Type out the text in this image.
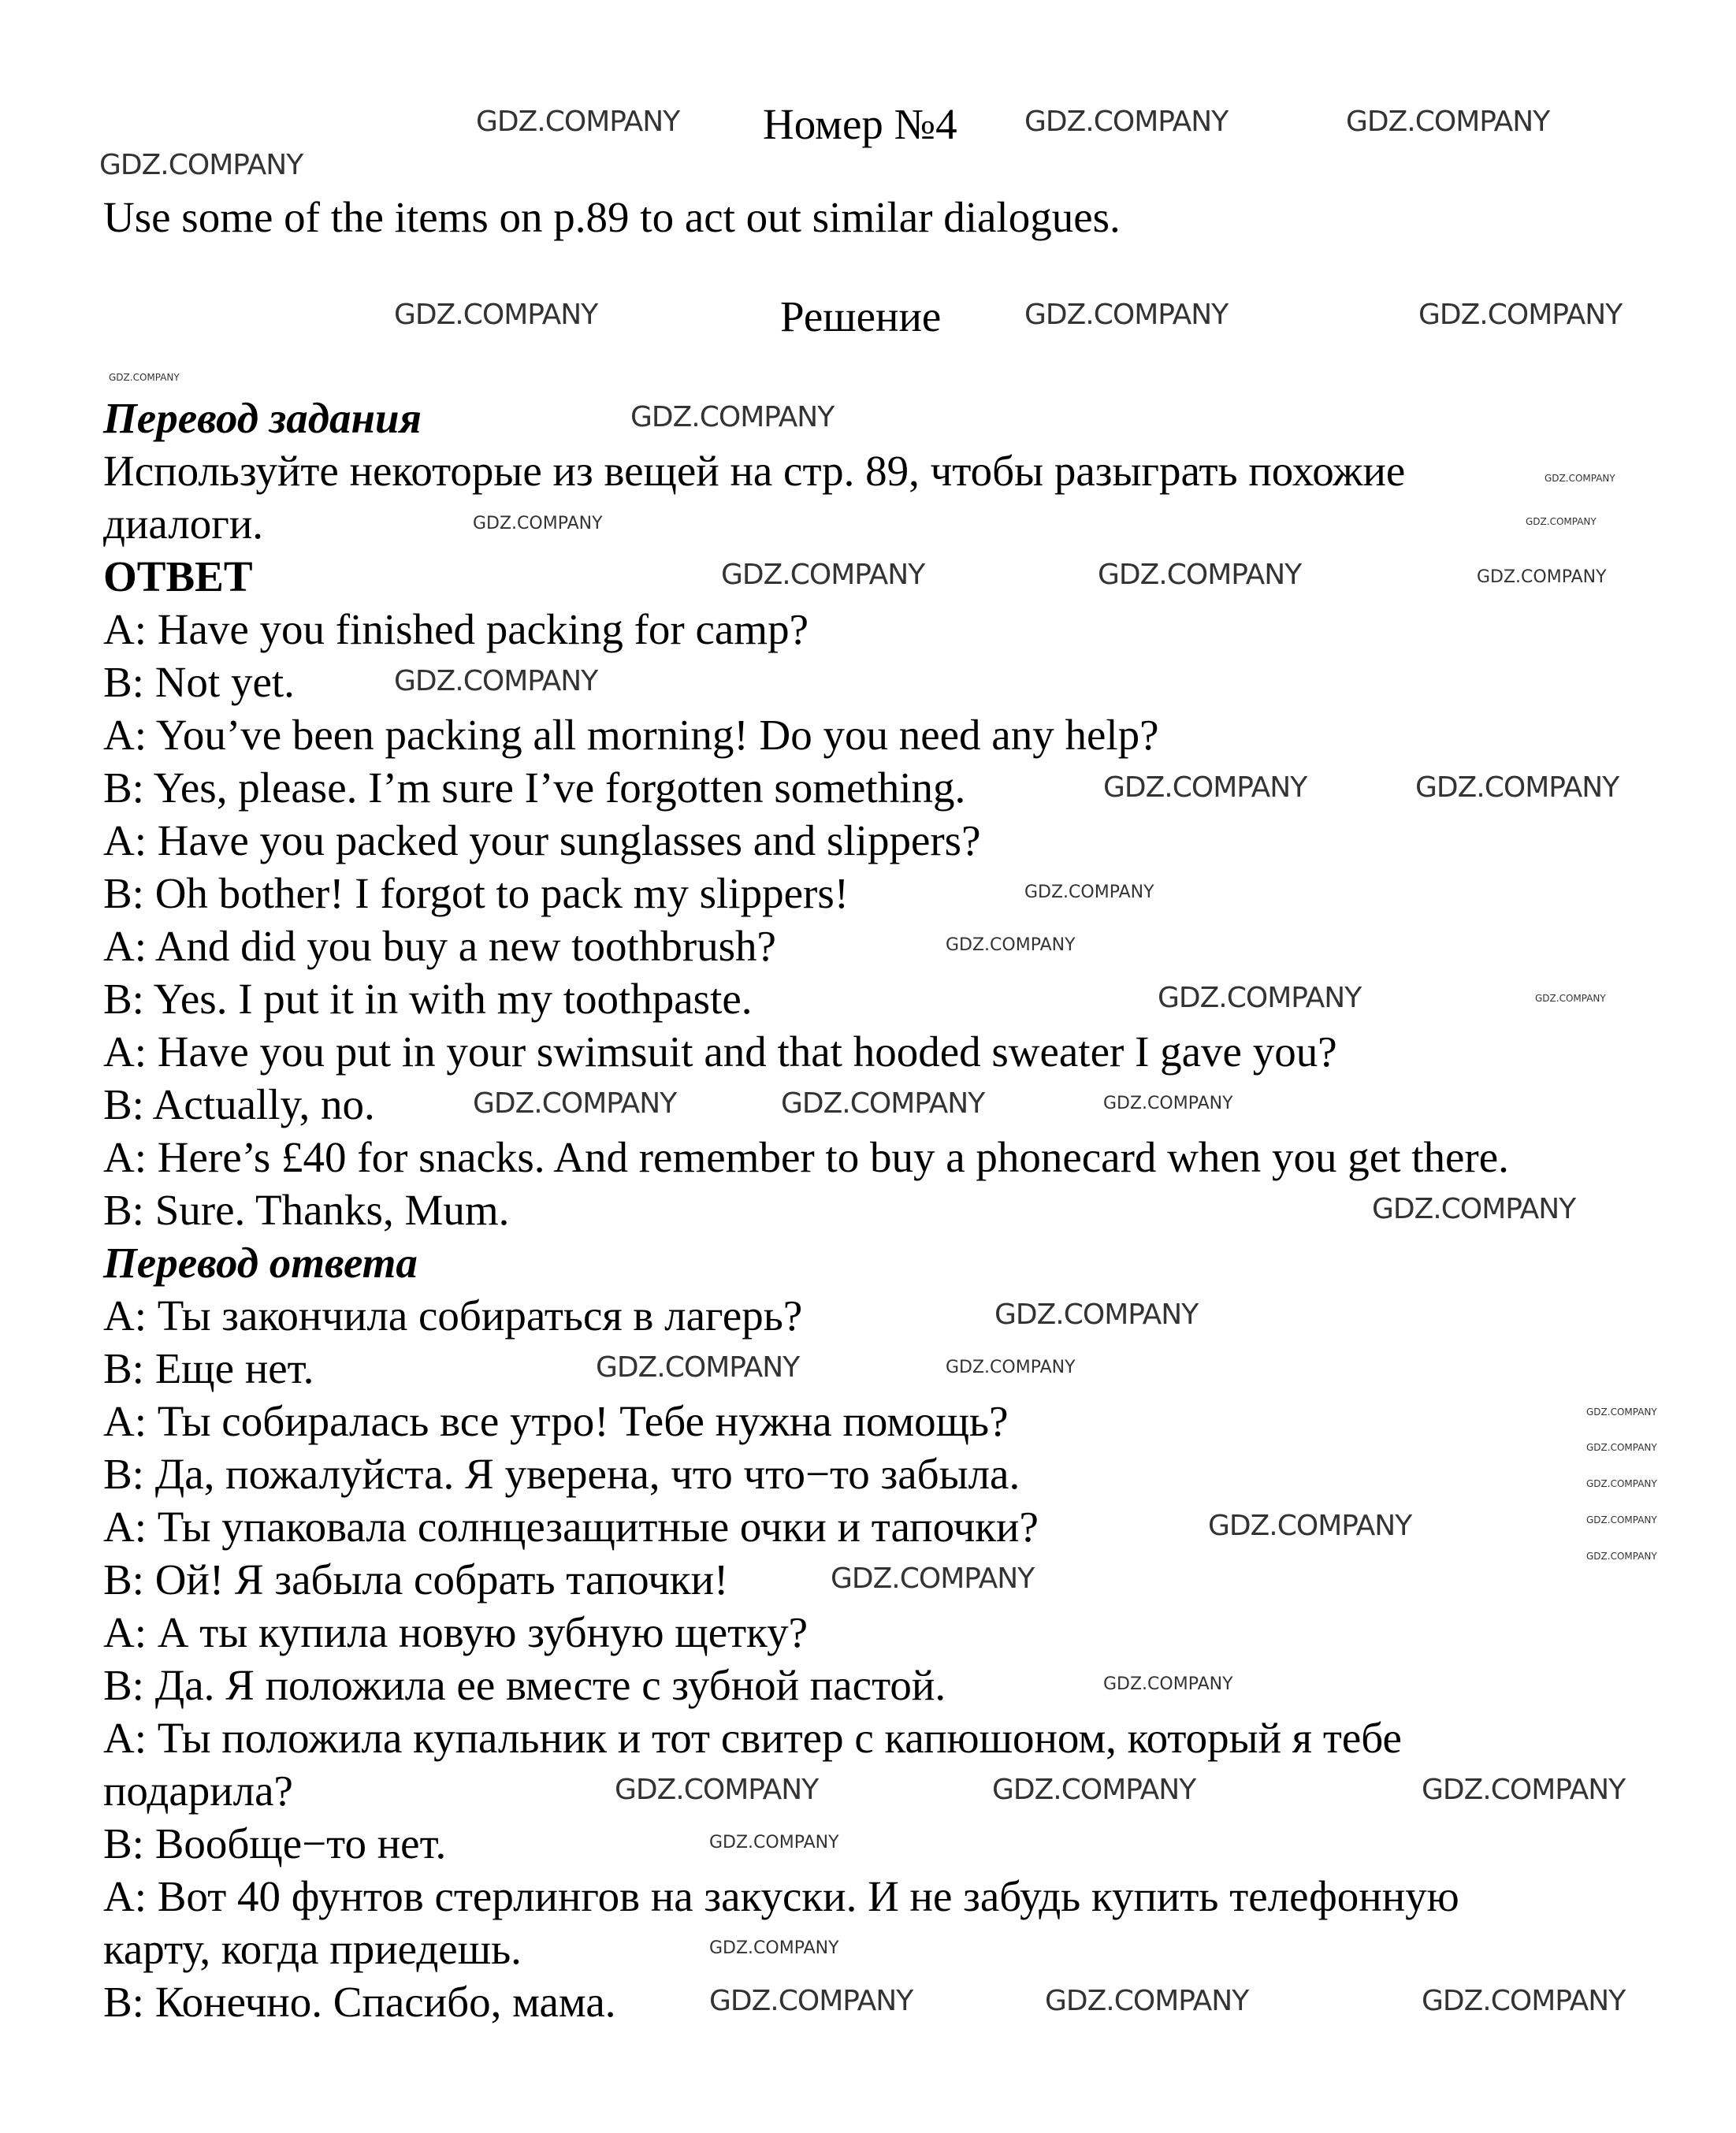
Номер №4
Use some of the items on p.89 to act out similar dialogues.
Решение
Перевод задания
Используйте некоторые из вещей на стр. 89, чтобы разыграть похожие
диалоги.
ОТВЕТ
A: Have you finished packing for camp?
B: Not yet.
A: You’ve been packing all morning! Do you need any help?
B: Yes, please. I’m sure I’ve forgotten something.
A: Have you packed your sunglasses and slippers?
B: Oh bother! I forgot to pack my slippers!
A: And did you buy a new toothbrush?
B: Yes. I put it in with my toothpaste.
A: Have you put in your swimsuit and that hooded sweater I gave you?
B: Actually, no.
A: Here’s £40 for snacks. And remember to buy a phonecard when you get there.
B: Sure. Thanks, Mum.
Перевод ответа
A: Ты закончила собираться в лагерь?
B: Еще нет.
A: Ты собиралась все утро! Тебе нужна помощь?
B: Да, пожалуйста. Я уверена, что что−то забыла.
A: Ты упаковала солнцезащитные очки и тапочки?
B: Ой! Я забыла собрать тапочки!
A: А ты купила новую зубную щетку?
B: Да. Я положила ее вместе с зубной пастой.
A: Ты положила купальник и тот свитер с капюшоном, который я тебе
подарила?
B: Вообще−то нет.
A: Вот 40 фунтов стерлингов на закуски. И не забудь купить телефонную
карту, когда приедешь.
B: Конечно. Спасибо, мама.
GDZ.COMPANY	GDZ.COMPANY	GDZ.COMPANY
GDZ.COMPANY
GDZ.COMPANY	GDZ.COMPANY	GDZ.COMPANY
GDZ.COMPANY
GDZ.COMPANY	GDZ.COMPANY
GDZ.COMPANY
GDZ.COMPANY	GDZ.COMPANY
GDZ.COMPANY
GDZ.COMPANY	GDZ.COMPANY
GDZ.COMPANY
GDZ.COMPANY
GDZ.COMPANY
GDZ.COMPANY
GDZ.COMPANY
GDZ.COMPANY	GDZ.COMPANY	GDZ.COMPANY
GDZ.COMPANY	GDZ.COMPANY	GDZ.COMPANY
GDZ.COMPANY
GDZ.COMPANY
GDZ.COMPANY
GDZ.COMPANY
GDZ.COMPANY
GDZ.COMPANY
GDZ.COMPANY
GDZ.COMPANY
GDZ.COMPANY
GDZ.COMPANY
GDZ.COMPANY
GDZ.COMPANY
GDZ.COMPANY
GDZ.COMPANY
GDZ.COMPANY
GDZ.COMPANY
GDZ.COMPANY
GDZ.COMPANY
